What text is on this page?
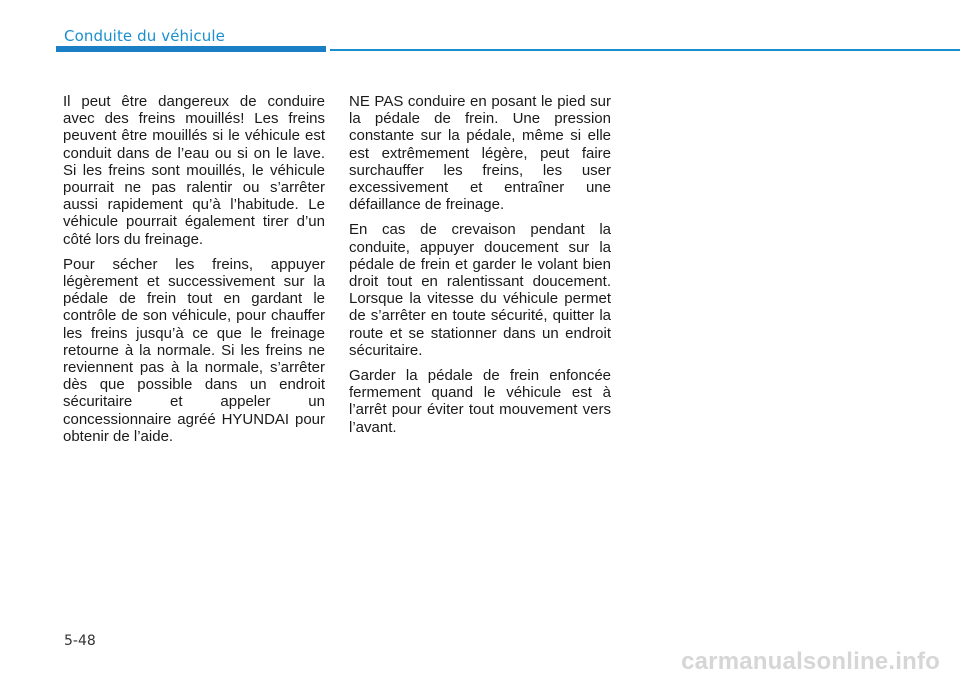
Conduite du véhicule

Il peut être dangereux de conduire avec des freins mouillés! Les freins peuvent être mouillés si le véhicule est conduit dans de l’eau ou si on le lave. Si les freins sont mouillés, le véhicule pourrait ne pas ralentir ou s’arrêter aussi rapidement qu’à l’habitude. Le véhicule pourrait également tirer d’un côté lors du freinage.

Pour sécher les freins, appuyer légèrement et successivement sur la pédale de frein tout en gardant le contrôle de son véhicule, pour chauffer les freins jusqu’à ce que le freinage retourne à la normale. Si les freins ne reviennent pas à la normale, s’arrêter dès que possible dans un endroit sécuritaire et appeler un concessionnaire agréé HYUNDAI pour obtenir de l’aide.

NE PAS conduire en posant le pied sur la pédale de frein. Une pression constante sur la pédale, même si elle est extrêmement légère, peut faire surchauffer les freins, les user excessivement et entraîner une défaillance de freinage.

En cas de crevaison pendant la conduite, appuyer doucement sur la pédale de frein et garder le volant bien droit tout en ralentissant doucement. Lorsque la vitesse du véhicule permet de s’arrêter en toute sécurité, quitter la route et se stationner dans un endroit sécuritaire.

Garder la pédale de frein enfoncée fermement quand le véhicule est à l’arrêt pour éviter tout mouvement vers l’avant.

5-48
carmanualsonline.info
